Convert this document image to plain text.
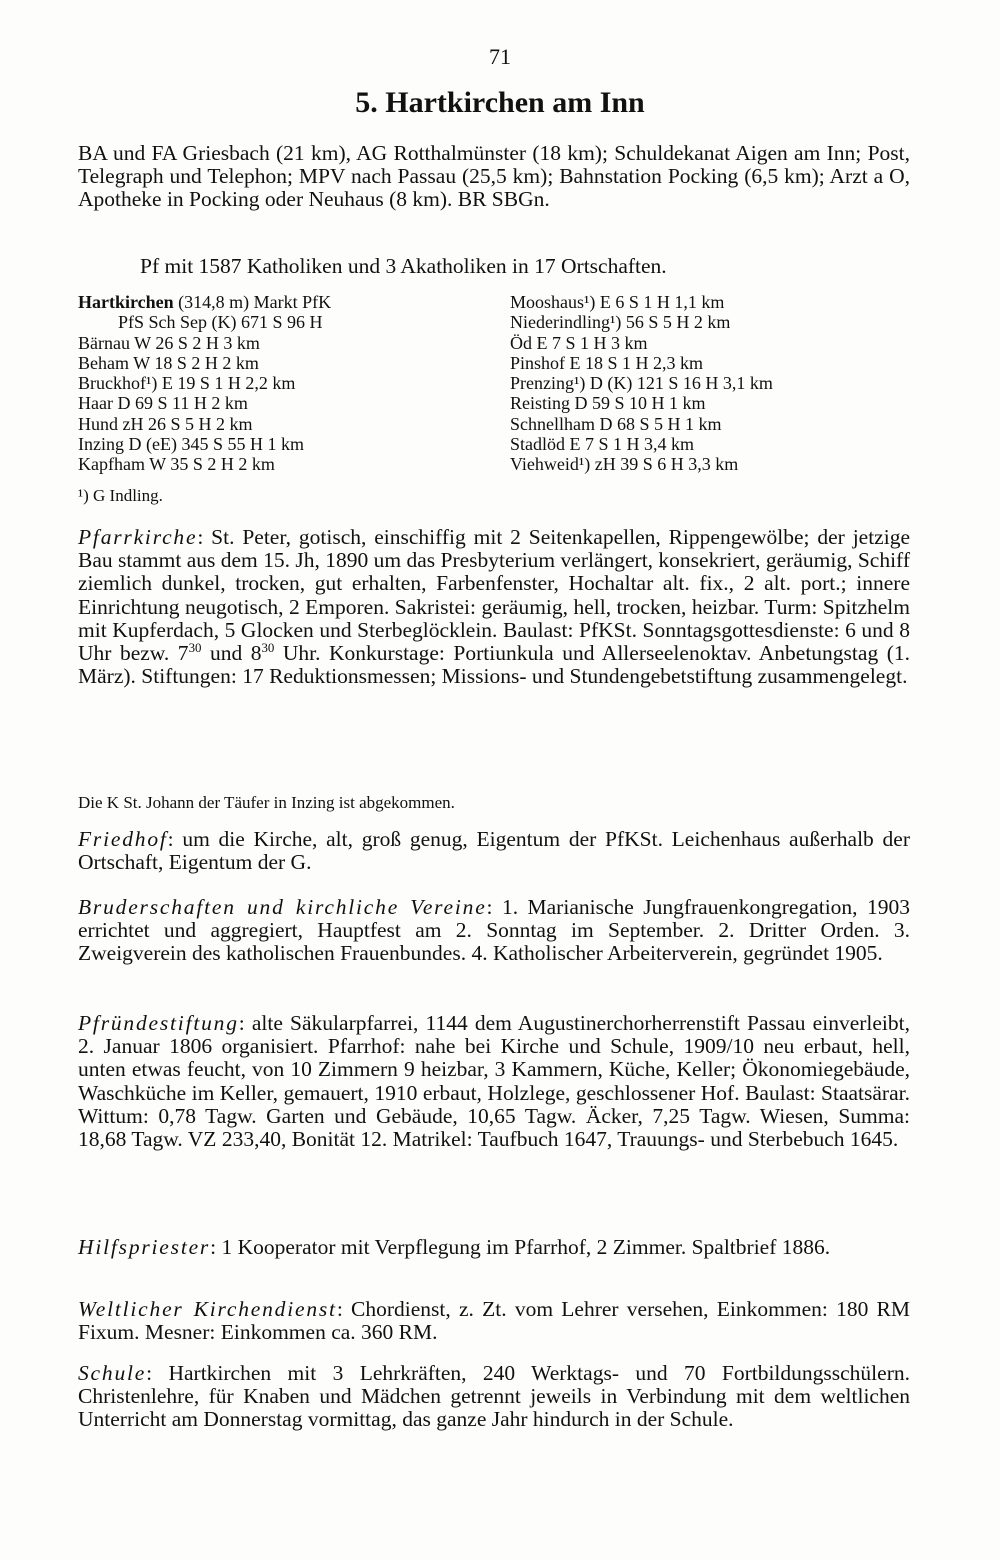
71
5. Hartkirchen am Inn
BA und FA Griesbach (21 km), AG Rotthalmünster (18 km); Schuldekanat Aigen am Inn; Post, Telegraph und Telephon; MPV nach Passau (25,5 km); Bahnstation Pocking (6,5 km); Arzt a O, Apotheke in Pocking oder Neuhaus (8 km). BR SBGn.
Pf mit 1587 Katholiken und 3 Akatholiken in 17 Ortschaften.
Hartkirchen (314,8 m) Markt PfK
PfS Sch Sep (K) 671 S 96 H
Bärnau W 26 S 2 H 3 km
Beham W 18 S 2 H 2 km
Bruckhof¹) E 19 S 1 H 2,2 km
Haar D 69 S 11 H 2 km
Hund zH 26 S 5 H 2 km
Inzing D (eE) 345 S 55 H 1 km
Kapfham W 35 S 2 H 2 km
Mooshaus¹) E 6 S 1 H 1,1 km
Niederindling¹) 56 S 5 H 2 km
Öd E 7 S 1 H 3 km
Pinshof E 18 S 1 H 2,3 km
Prenzing¹) D (K) 121 S 16 H 3,1 km
Reisting D 59 S 10 H 1 km
Schnellham D 68 S 5 H 1 km
Stadlöd E 7 S 1 H 3,4 km
Viehweid¹) zH 39 S 6 H 3,3 km
¹) G Indling.
Pfarrkirche: St. Peter, gotisch, einschiffig mit 2 Seitenkapellen, Rippengewölbe; der jetzige Bau stammt aus dem 15. Jh, 1890 um das Presbyterium verlängert, konsekriert, geräumig, Schiff ziemlich dunkel, trocken, gut erhalten, Farbenfenster, Hochaltar alt. fix., 2 alt. port.; innere Einrichtung neugotisch, 2 Emporen. Sakristei: geräumig, hell, trocken, heizbar. Turm: Spitzhelm mit Kupferdach, 5 Glocken und Sterbeglöcklein. Baulast: PfKSt. Sonntagsgottesdienste: 6 und 8 Uhr bezw. $7^{30}$ und $8^{30}$ Uhr. Konkurstage: Portiunkula und Allerseelenoktav. Anbetungstag (1. März). Stiftungen: 17 Reduktionsmessen; Missions- und Stundengebetstiftung zusammengelegt.
Die K St. Johann der Täufer in Inzing ist abgekommen.
Friedhof: um die Kirche, alt, groß genug, Eigentum der PfKSt. Leichenhaus außerhalb der Ortschaft, Eigentum der G.
Bruderschaften und kirchliche Vereine: 1. Marianische Jungfrauenkongregation, 1903 errichtet und aggregiert, Hauptfest am 2. Sonntag im September. 2. Dritter Orden. 3. Zweigverein des katholischen Frauenbundes. 4. Katholischer Arbeiterverein, gegründet 1905.
Pfründestiftung: alte Säkularpfarrei, 1144 dem Augustinerchorherrenstift Passau einverleibt, 2. Januar 1806 organisiert. Pfarrhof: nahe bei Kirche und Schule, 1909/10 neu erbaut, hell, unten etwas feucht, von 10 Zimmern 9 heizbar, 3 Kammern, Küche, Keller; Ökonomiegebäude, Waschküche im Keller, gemauert, 1910 erbaut, Holzlege, geschlossener Hof. Baulast: Staatsärar. Wittum: 0,78 Tagw. Garten und Gebäude, 10,65 Tagw. Äcker, 7,25 Tagw. Wiesen, Summa: 18,68 Tagw. VZ 233,40, Bonität 12. Matrikel: Taufbuch 1647, Trauungs- und Sterbebuch 1645.
Hilfspriester: 1 Kooperator mit Verpflegung im Pfarrhof, 2 Zimmer. Spaltbrief 1886.
Weltlicher Kirchendienst: Chordienst, z. Zt. vom Lehrer versehen, Einkommen: 180 RM Fixum. Mesner: Einkommen ca. 360 RM.
Schule: Hartkirchen mit 3 Lehrkräften, 240 Werktags- und 70 Fortbildungsschülern. Christenlehre, für Knaben und Mädchen getrennt jeweils in Verbindung mit dem weltlichen Unterricht am Donnerstag vormittag, das ganze Jahr hindurch in der Schule.
